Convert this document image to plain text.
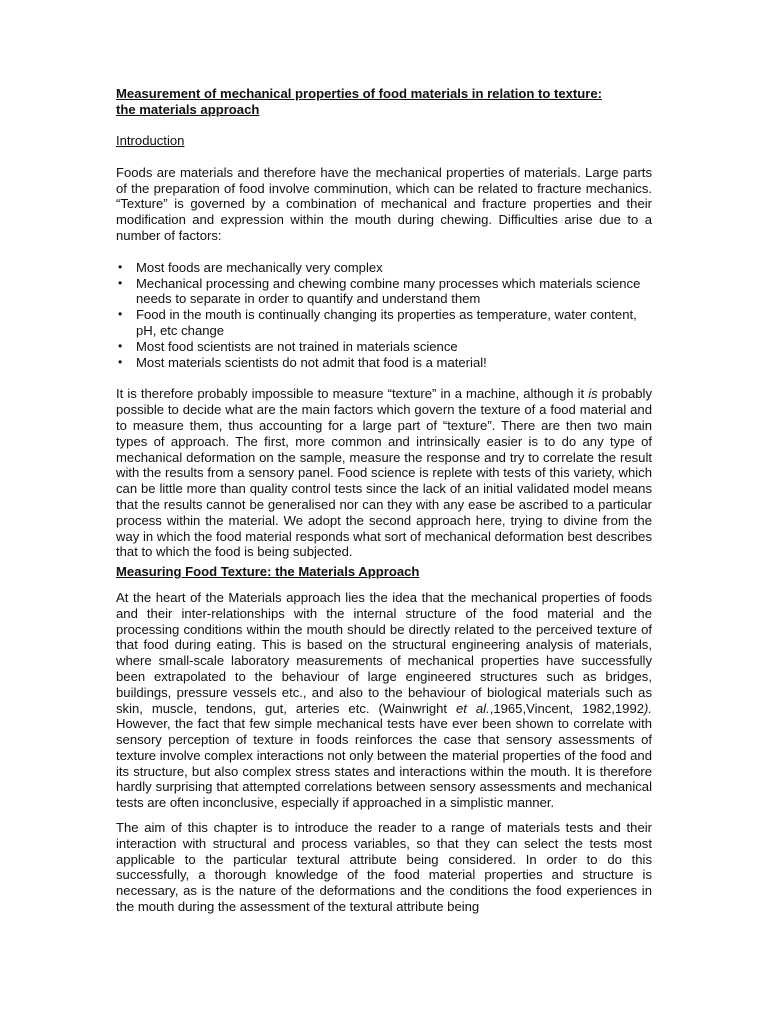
Measurement of mechanical properties of food materials in relation to texture:
the materials approach
Introduction

Foods are materials and therefore have the mechanical properties of materials. Large parts of the preparation of food involve comminution, which can be related to fracture mechanics. “Texture” is governed by a combination of mechanical and fracture properties and their modification and expression within the mouth during chewing. Difficulties arise due to a number of factors:

• Most foods are mechanically very complex
• Mechanical processing and chewing combine many processes which materials science needs to separate in order to quantify and understand them
• Food in the mouth is continually changing its properties as temperature, water content, pH, etc change
• Most food scientists are not trained in materials science
• Most materials scientists do not admit that food is a material!

It is therefore probably impossible to measure “texture” in a machine, although it is probably possible to decide what are the main factors which govern the texture of a food material and to measure them, thus accounting for a large part of “texture”. There are then two main types of approach. The first, more common and intrinsically easier is to do any type of mechanical deformation on the sample, measure the response and try to correlate the result with the results from a sensory panel. Food science is replete with tests of this variety, which can be little more than quality control tests since the lack of an initial validated model means that the results cannot be generalised nor can they with any ease be ascribed to a particular process within the material. We adopt the second approach here, trying to divine from the way in which the food material responds what sort of mechanical deformation best describes that to which the food is being subjected.

Measuring Food Texture: the Materials Approach

At the heart of the Materials approach lies the idea that the mechanical properties of foods and their inter-relationships with the internal structure of the food material and the processing conditions within the mouth should be directly related to the perceived texture of that food during eating. This is based on the structural engineering analysis of materials, where small-scale laboratory measurements of mechanical properties have successfully been extrapolated to the behaviour of large engineered structures such as bridges, buildings, pressure vessels etc., and also to the behaviour of biological materials such as skin, muscle, tendons, gut, arteries etc. (Wainwright et al.,1965,Vincent, 1982,1992). However, the fact that few simple mechanical tests have ever been shown to correlate with sensory perception of texture in foods reinforces the case that sensory assessments of texture involve complex interactions not only between the material properties of the food and its structure, but also complex stress states and interactions within the mouth. It is therefore hardly surprising that attempted correlations between sensory assessments and mechanical tests are often inconclusive, especially if approached in a simplistic manner.

The aim of this chapter is to introduce the reader to a range of materials tests and their interaction with structural and process variables, so that they can select the tests most applicable to the particular textural attribute being considered. In order to do this successfully, a thorough knowledge of the food material properties and structure is necessary, as is the nature of the deformations and the conditions the food experiences in the mouth during the assessment of the textural attribute being
